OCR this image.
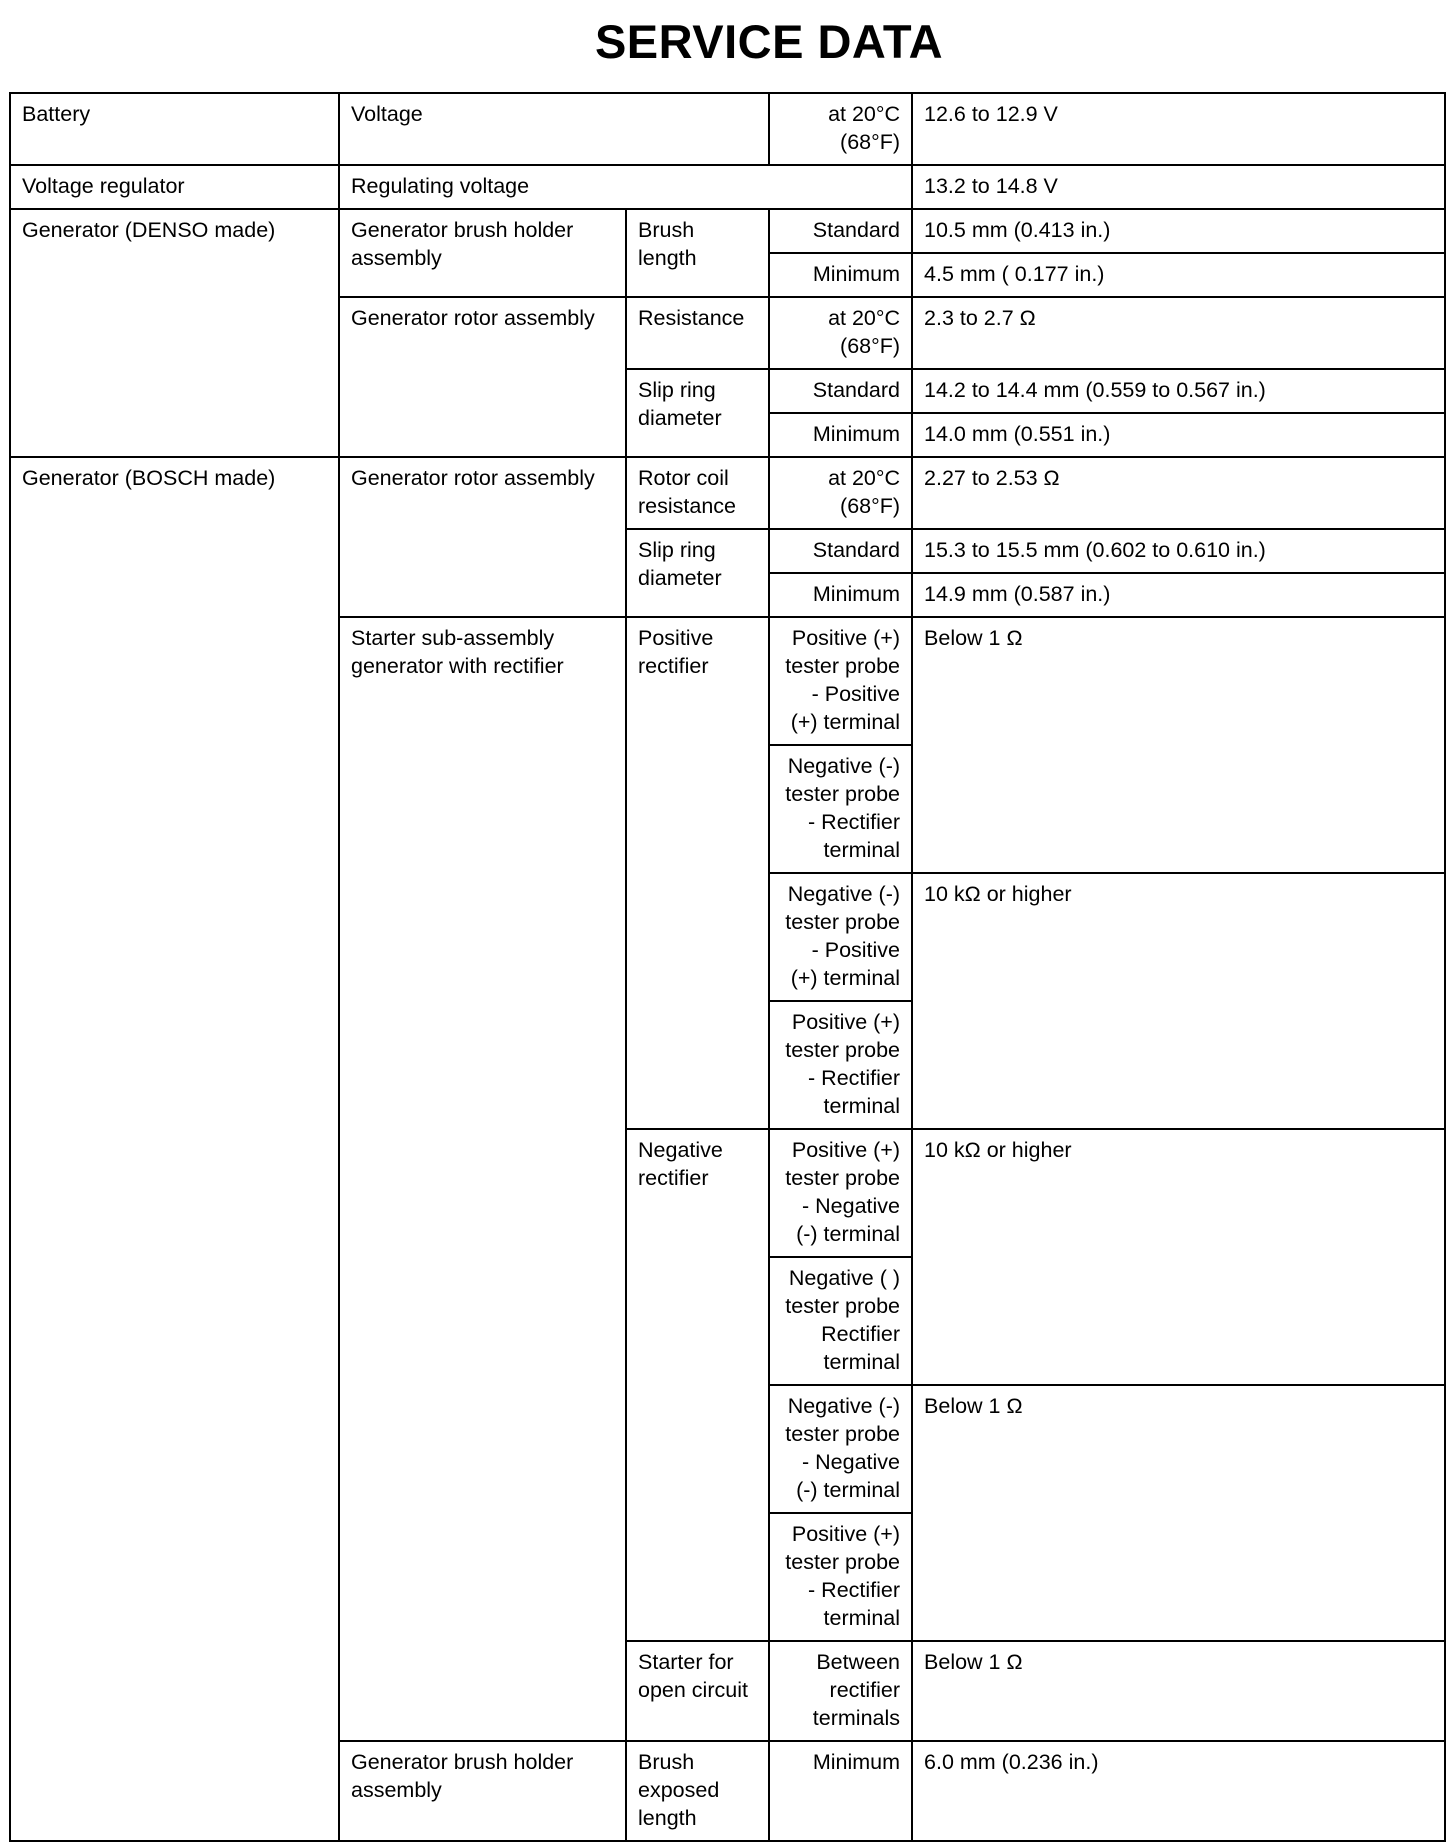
SERVICE DATA
Battery	Voltage		at 20°C (68°F)	12.6 to 12.9 V
Voltage regulator	Regulating voltage			13.2 to 14.8 V
Generator (DENSO made)	Generator brush holder assembly	Brush length	Standard	10.5 mm (0.413 in.)
			Minimum	4.5 mm ( 0.177 in.)
	Generator rotor assembly	Resistance	at 20°C (68°F)	2.3 to 2.7 Ω
		Slip ring diameter	Standard	14.2 to 14.4 mm (0.559 to 0.567 in.)
			Minimum	14.0 mm (0.551 in.)
Generator (BOSCH made)	Generator rotor assembly	Rotor coil resistance	at 20°C (68°F)	2.27 to 2.53 Ω
		Slip ring diameter	Standard	15.3 to 15.5 mm (0.602 to 0.610 in.)
			Minimum	14.9 mm (0.587 in.)
	Starter sub-assembly generator with rectifier	Positive rectifier	Positive (+) tester probe - Positive (+) terminal	Below 1 Ω
			Negative (-) tester probe - Rectifier terminal	
			Negative (-) tester probe - Positive (+) terminal	10 kΩ or higher
			Positive (+) tester probe - Rectifier terminal	
		Negative rectifier	Positive (+) tester probe - Negative (-) terminal	10 kΩ or higher
			Negative ( ) tester probe Rectifier terminal	
			Negative (-) tester probe - Negative (-) terminal	Below 1 Ω
			Positive (+) tester probe - Rectifier terminal	
		Starter for open circuit	Between rectifier terminals	Below 1 Ω
	Generator brush holder assembly	Brush exposed length	Minimum	6.0 mm (0.236 in.)
